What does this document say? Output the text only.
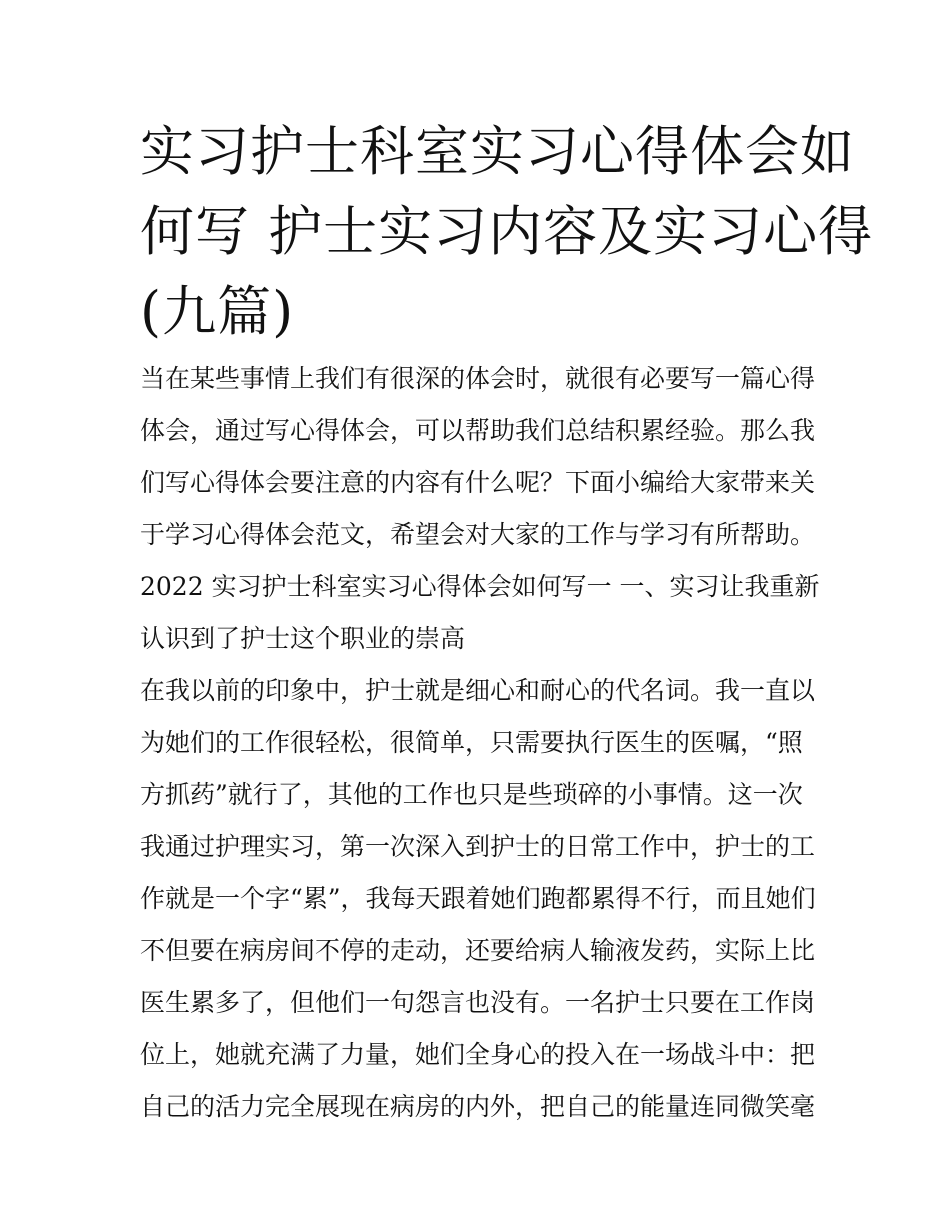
实习护士科室实习心得体会如
何写 护士实习内容及实习心得
(九篇)
当在某些事情上我们有很深的体会时，就很有必要写一篇心得
体会，通过写心得体会，可以帮助我们总结积累经验。那么我
们写心得体会要注意的内容有什么呢？下面小编给大家带来关
于学习心得体会范文，希望会对大家的工作与学习有所帮助。
2022 实习护士科室实习心得体会如何写一 一、实习让我重新
认识到了护士这个职业的崇高
在我以前的印象中，护士就是细心和耐心的代名词。我一直以
为她们的工作很轻松，很简单，只需要执行医生的医嘱，“照
方抓药”就行了，其他的工作也只是些琐碎的小事情。这一次
我通过护理实习，第一次深入到护士的日常工作中，护士的工
作就是一个字“累”，我每天跟着她们跑都累得不行，而且她们
不但要在病房间不停的走动，还要给病人输液发药，实际上比
医生累多了，但他们一句怨言也没有。一名护士只要在工作岗
位上，她就充满了力量，她们全身心的投入在一场战斗中：把
自己的活力完全展现在病房的内外，把自己的能量连同微笑毫
